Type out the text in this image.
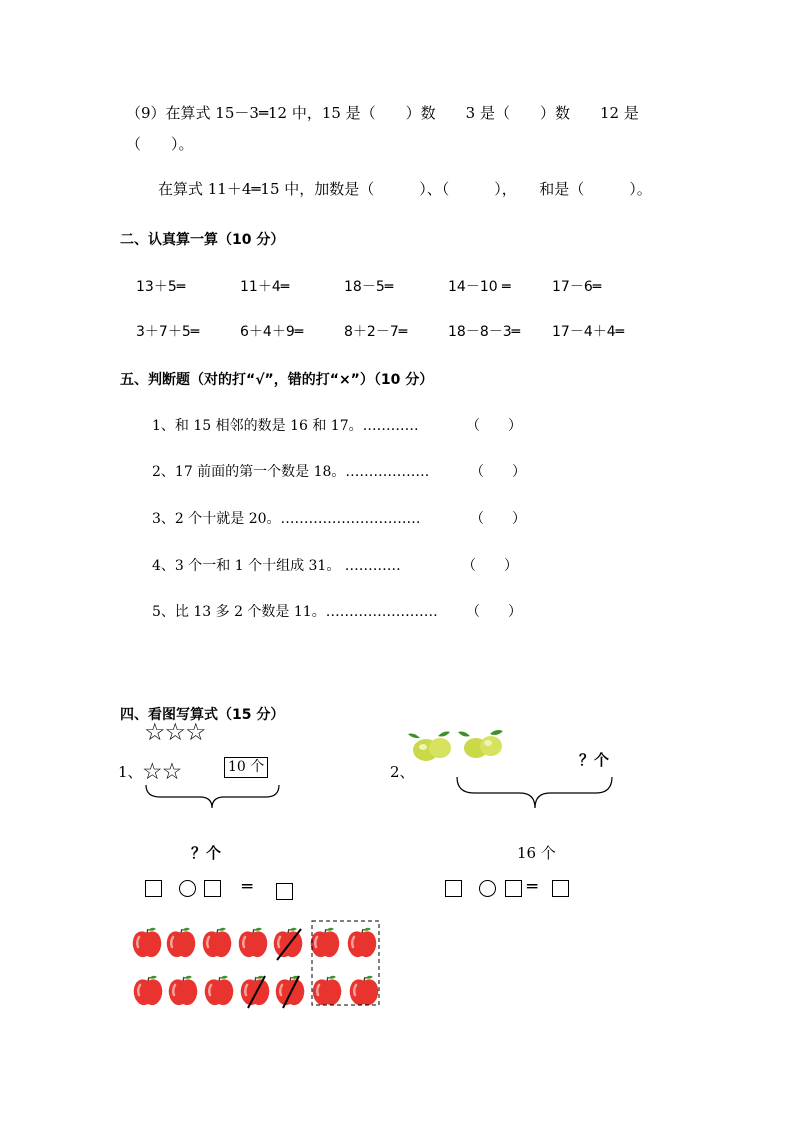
（9）在算式 15－3═12 中，15 是（　　）数　　3 是（　　）数　　12 是
（　　）。
在算式 11＋4═15 中，加数是（　　　）、（　　　），　　和是（　　　）。
二、认真算一算（10 分）
13＋5═	11＋4═	18－5═	14－10 ═	17－6═
3＋7＋5═	6＋4＋9═	8＋2－7═	18－8－3═ 17－4＋4═
五、判断题（对的打“√”，错的打“×”）（10 分）
1、和 15 相邻的数是 16 和 17。…………	（　　）
2、17 前面的第一个数是 18。………………	（　　）
3、2 个十就是 20。…………………………	（　　）
4、3 个一和 1 个十组成 31。 …………	（　　）
5、比 13 多 2 个数是 11。…………………… （　　）
四、看图写算式（15 分）
☆☆☆
1、 ☆☆	10 个
？个
═
2、
？个
16 个
═
